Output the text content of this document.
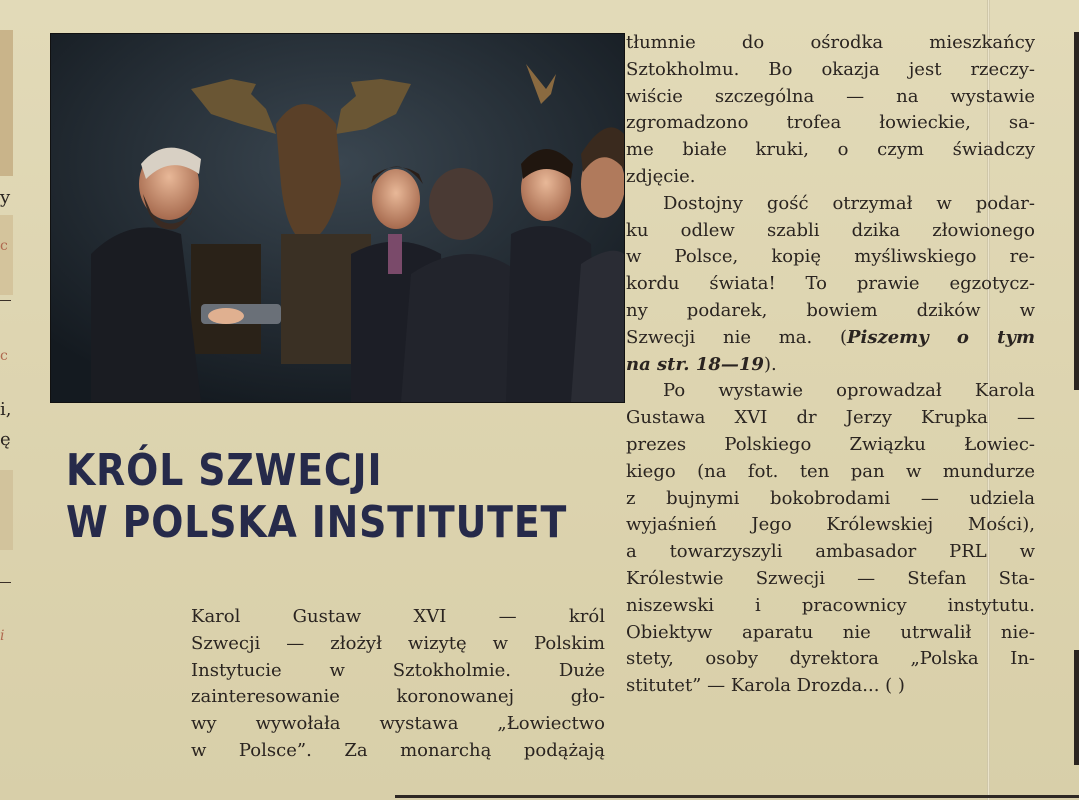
y
c
c
i,
ę
i
KRÓL SZWECJI
W POLSKA INSTITUTET

Karol Gustaw XVI — król
Szwecji — złożył wizytę w Polskim
Instytucie w Sztokholmie. Duże
zainteresowanie koronowanej gło-
wy wywołała wystawa „Łowiectwo
w Polsce”. Za monarchą podążają

tłumnie do ośrodka mieszkańcy
Sztokholmu. Bo okazja jest rzeczy-
wiście szczególna — na wystawie
zgromadzono trofea łowieckie, sa-
me białe kruki, o czym świadczy
zdjęcie.

Dostojny gość otrzymał w podar-
ku odlew szabli dzika złowionego
w Polsce, kopię myśliwskiego re-
kordu świata! To prawie egzotycz-
ny podarek, bowiem dzików w
Szwecji nie ma. (Piszemy o tym
na str. 18—19).

Po wystawie oprowadzał Karola
Gustawa XVI dr Jerzy Krupka —
prezes Polskiego Związku Łowiec-
kiego (na fot. ten pan w mundurze
z bujnymi bokobrodami — udziela
wyjaśnień Jego Królewskiej Mości),
a towarzyszyli ambasador PRL w
Królestwie Szwecji — Stefan Sta-
niszewski i pracownicy instytutu.
Obiektyw aparatu nie utrwalił nie-
stety, osoby dyrektora „Polska In-
stitutet” — Karola Drozda... ( )
